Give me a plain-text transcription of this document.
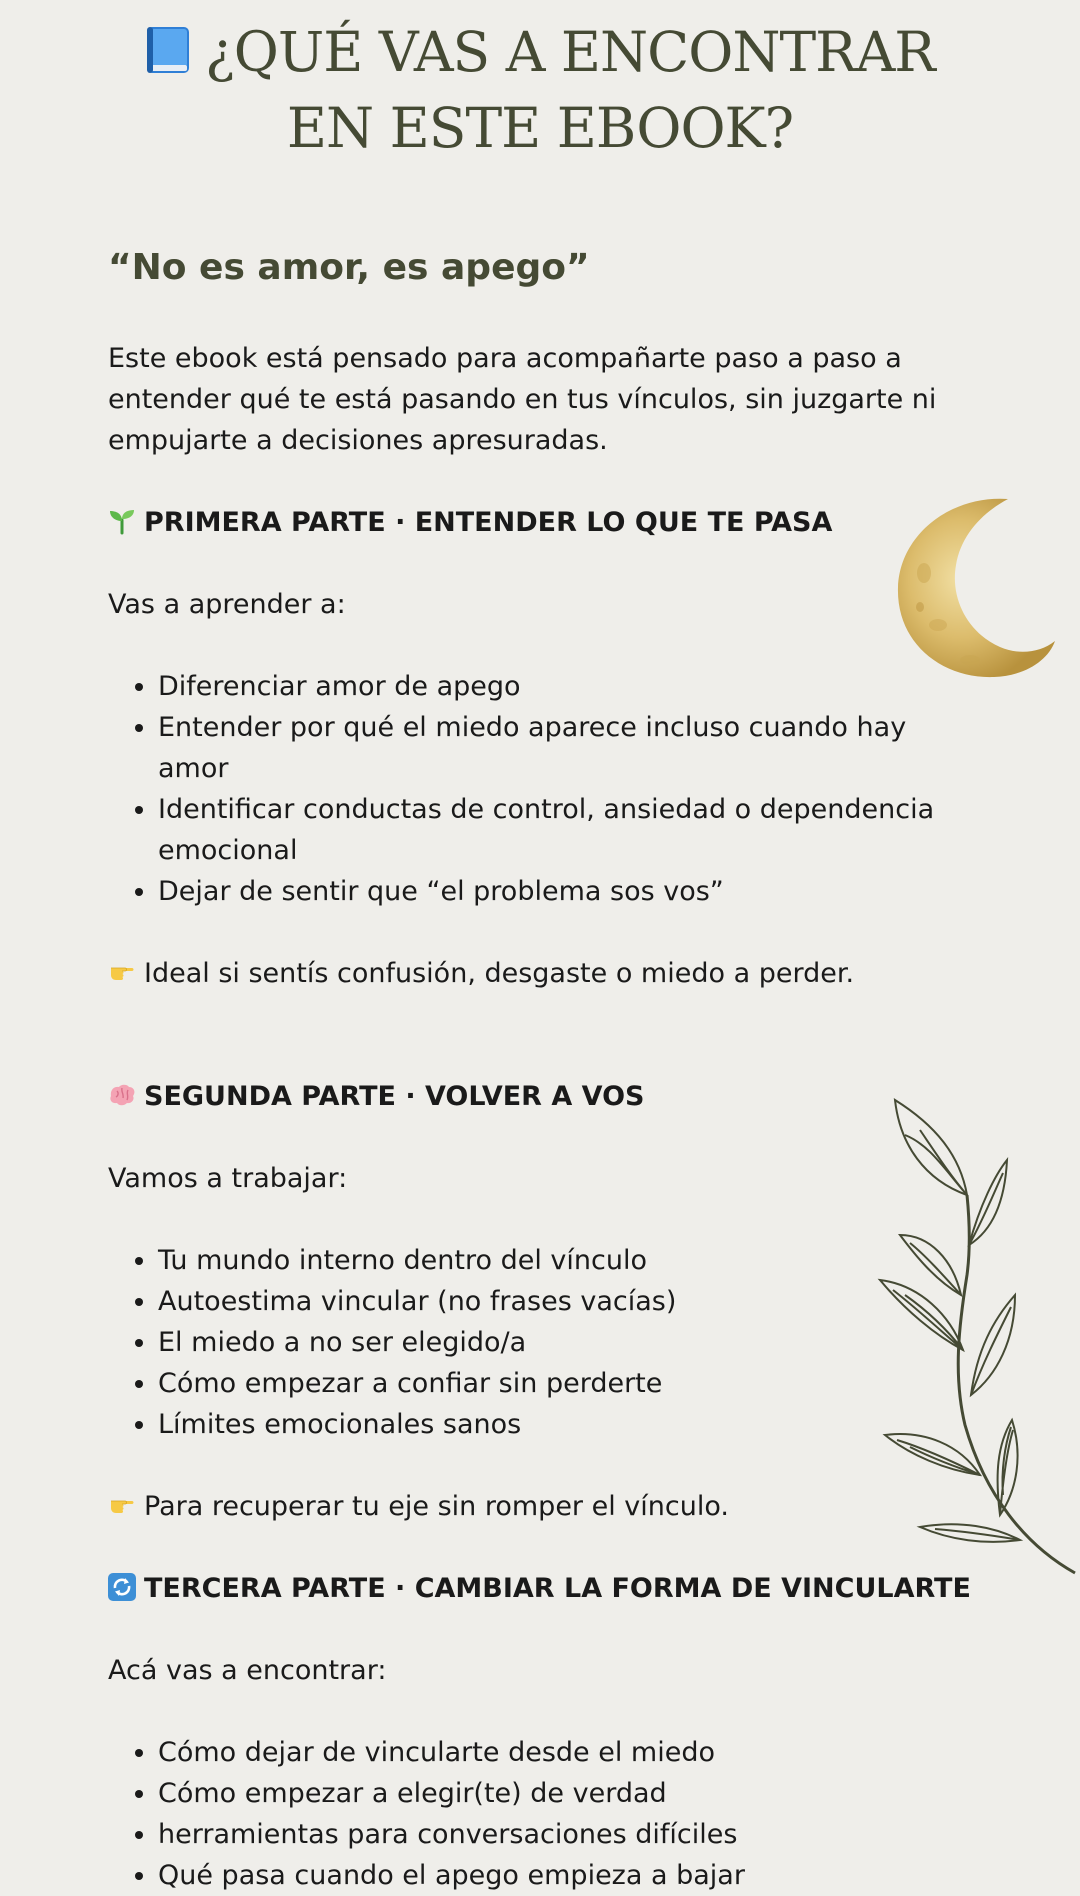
¿QUÉ VAS A ENCONTRAR
EN ESTE EBOOK?
“No es amor, es apego”

Este ebook está pensado para acompañarte paso a paso a entender qué te está pasando en tus vínculos, sin juzgarte ni empujarte a decisiones apresuradas.

PRIMERA PARTE · ENTENDER LO QUE TE PASA

Vas a aprender a:

• Diferenciar amor de apego
• Entender por qué el miedo aparece incluso cuando hay amor
• Identificar conductas de control, ansiedad o dependencia emocional
• Dejar de sentir que “el problema sos vos”

Ideal si sentís confusión, desgaste o miedo a perder.

SEGUNDA PARTE · VOLVER A VOS

Vamos a trabajar:

• Tu mundo interno dentro del vínculo
• Autoestima vincular (no frases vacías)
• El miedo a no ser elegido/a
• Cómo empezar a confiar sin perderte
• Límites emocionales sanos

Para recuperar tu eje sin romper el vínculo.

TERCERA PARTE · CAMBIAR LA FORMA DE VINCULARTE

Acá vas a encontrar:

• Cómo dejar de vincularte desde el miedo
• Cómo empezar a elegir(te) de verdad
• herramientas para conversaciones difíciles
• Qué pasa cuando el apego empieza a bajar
